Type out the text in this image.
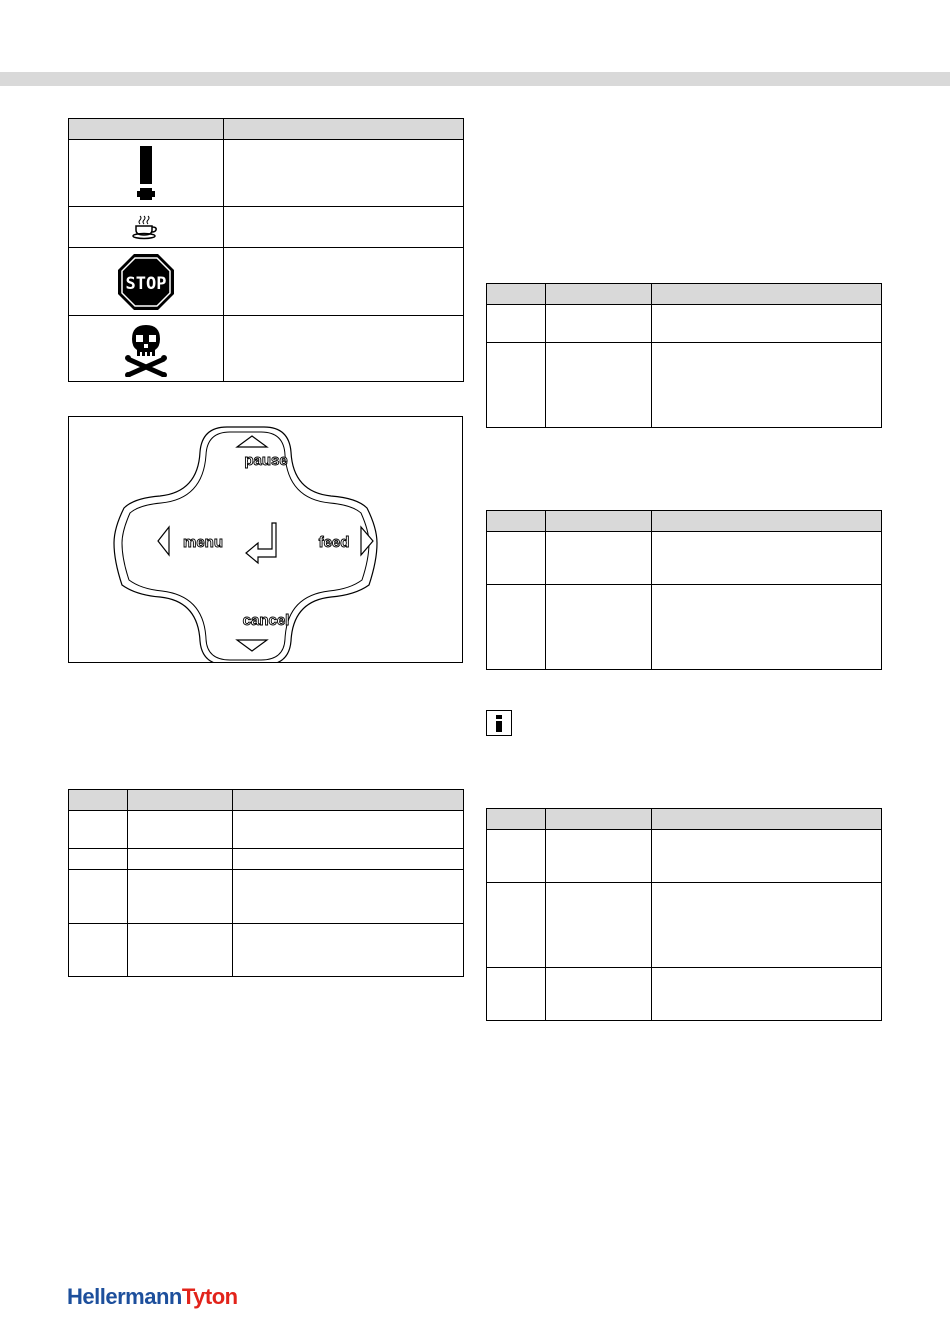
STOP	

pause
menu	feed
cancel

HellermannTyton
